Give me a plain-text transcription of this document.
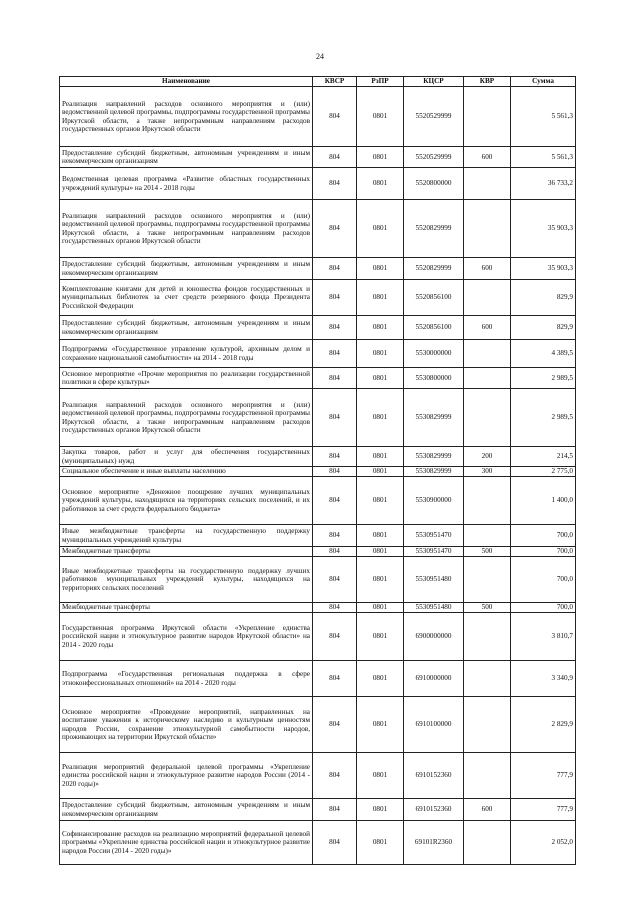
24
Наименование	КВСР	РзПР	КЦСР	КВР	Сумма
Реализация направлений расходов основного мероприятия и (или) ведомственной целевой программы, подпрограммы государственной программы Иркутской области, а также непрограммным направлениям расходов государственных органов Иркутской области	804	0801	5520529999		5 561,3
Предоставление субсидий бюджетным, автономным учреждениям и иным некоммерческим организациям	804	0801	5520529999	600	5 561,3
Ведомственная целевая программа «Развитие областных государственных учреждений культуры» на 2014 - 2018 годы	804	0801	5520800000		36 733,2
Реализация направлений расходов основного мероприятия и (или) ведомственной целевой программы, подпрограммы государственной программы Иркутской области, а также непрограммным направлениям расходов государственных органов Иркутской области	804	0801	5520829999		35 903,3
Предоставление субсидий бюджетным, автономным учреждениям и иным некоммерческим организациям	804	0801	5520829999	600	35 903,3
Комплектование книгами для детей и юношества фондов государственных и муниципальных библиотек за счет средств резервного фонда Президента Российской Федерации	804	0801	5520856100		829,9
Предоставление субсидий бюджетным, автономным учреждениям и иным некоммерческим организациям	804	0801	5520856100	600	829,9
Подпрограмма «Государственное управление культурой, архивным делом и сохранение национальной самобытности» на 2014 - 2018 годы	804	0801	5530000000		4 389,5
Основное мероприятие «Прочие мероприятия по реализации государственной политики в сфере культуры»	804	0801	5530800000		2 989,5
Реализация направлений расходов основного мероприятия и (или) ведомственной целевой программы, подпрограммы государственной программы Иркутской области, а также непрограммным направлениям расходов государственных органов Иркутской области	804	0801	5530829999		2 989,5
Закупка товаров, работ и услуг для обеспечения государственных (муниципальных) нужд	804	0801	5530829999	200	214,5
Социальное обеспечение и иные выплаты населению	804	0801	5530829999	300	2 775,0
Основное мероприятие «Денежное поощрение лучших муниципальных учреждений культуры, находящихся на территориях сельских поселений, и их работников за счет средств федерального бюджета»	804	0801	5530900000		1 400,0
Иные межбюджетные трансферты на государственную поддержку муниципальных учреждений культуры	804	0801	5530951470		700,0
Межбюджетные трансферты	804	0801	5530951470	500	700,0
Иные межбюджетные трансферты на государственную поддержку лучших работников муниципальных учреждений культуры, находящихся на территориях сельских поселений	804	0801	5530951480		700,0
Межбюджетные трансферты	804	0801	5530951480	500	700,0
Государственная программа Иркутской области «Укрепление единства российской нации и этнокультурное развитие народов Иркутской области» на 2014 - 2020 годы	804	0801	6900000000		3 810,7
Подпрограмма «Государственная региональная поддержка в сфере этноконфессиональных отношений» на 2014 - 2020 годы	804	0801	6910000000		3 340,9
Основное мероприятие «Проведение мероприятий, направленных на воспитание уважения к историческому наследию и культурным ценностям народов России, сохранение этнокультурной самобытности народов, проживающих на территории Иркутской области»	804	0801	6910100000		2 829,9
Реализация мероприятий федеральной целевой программы «Укрепление единства российской нации и этнокультурное развитие народов России (2014 - 2020 годы)»	804	0801	6910152360		777,9
Предоставление субсидий бюджетным, автономным учреждениям и иным некоммерческим организациям	804	0801	6910152360	600	777,9
Софинансирование расходов на реализацию мероприятий федеральной целевой программы «Укрепление единства российской нации и этнокультурное развитие народов России (2014 - 2020 годы)»	804	0801	69101R2360		2 052,0
